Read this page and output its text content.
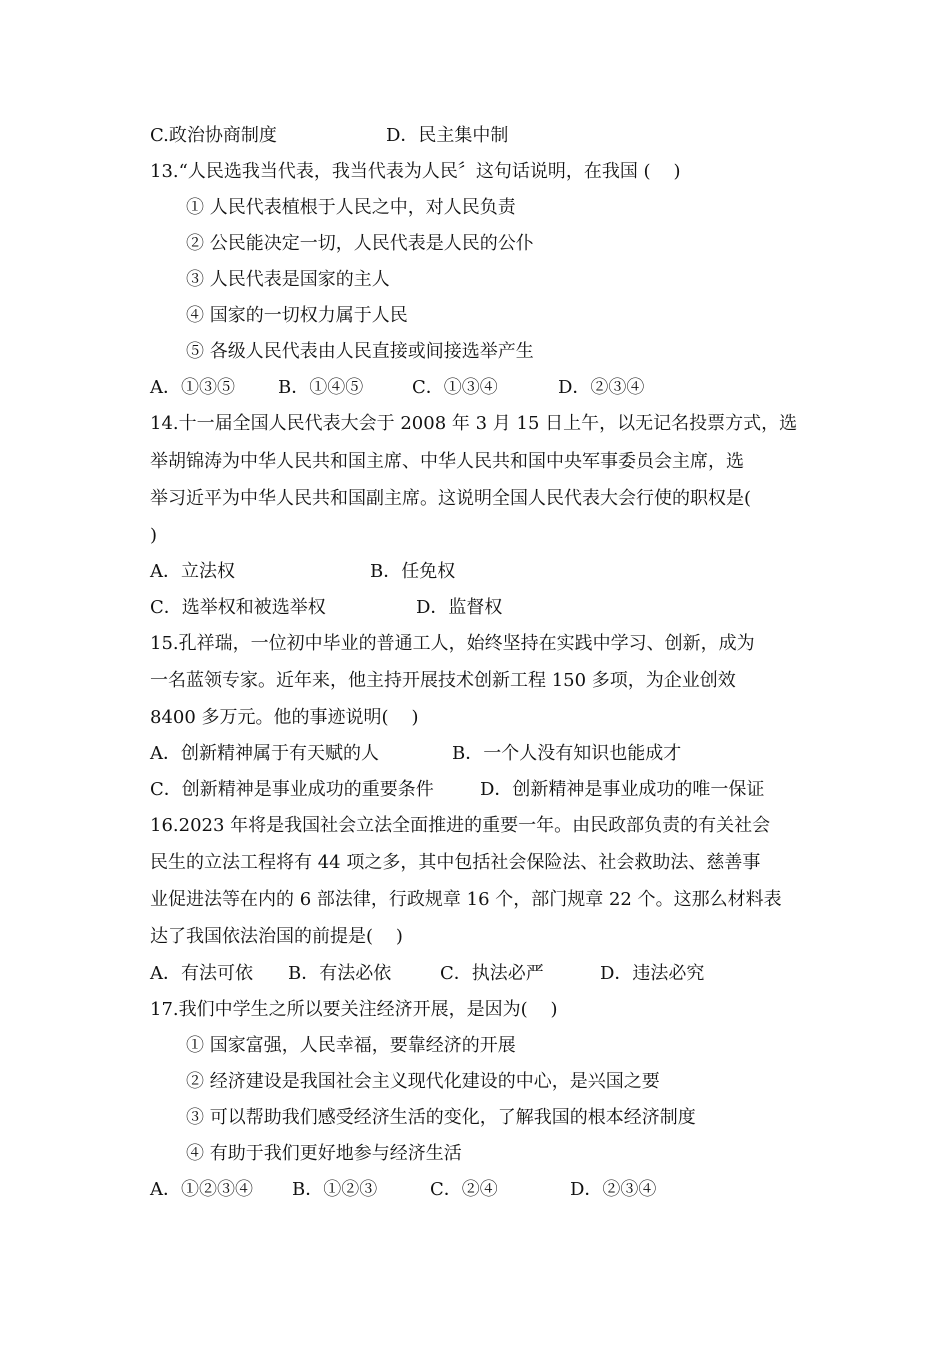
C.政治协商制度

	D．民主集中制

13.“人民选我当代表，我当代表为人民〞这句话说明，在我国 (    )
① 人民代表植根于人民之中，对人民负责
② 公民能决定一切，人民代表是人民的公仆
③ 人民代表是国家的主人
④ 国家的一切权力属于人民
⑤ 各级人民代表由人民直接或间接选举产生

A．①③⑤

B．①④⑤

	C．①③④

	D．②③④

14.十一届全国人民代表大会于 2008 年 3 月 15 日上午，以无记名投票方式，选
举胡锦涛为中华人民共和国主席、中华人民共和国中央军事委员会主席，选
举习近平为中华人民共和国副主席。这说明全国人民代表大会行使的职权是(
)

A．立法权

	B．任免权

C．选举权和被选举权

	D．监督权

15.孔祥瑞，一位初中毕业的普通工人，始终坚持在实践中学习、创新，成为
一名蓝领专家。近年来，他主持开展技术创新工程 150 多项，为企业创效
8400 多万元。他的事迹说明(    )

A．创新精神属于有天赋的人

	B．一个人没有知识也能成才

C．创新精神是事业成功的重要条件

	D．创新精神是事业成功的唯一保证

16.2023 年将是我国社会立法全面推进的重要一年。由民政部负责的有关社会
民生的立法工程将有 44 项之多，其中包括社会保险法、社会救助法、慈善事
业促进法等在内的 6 部法律，行政规章 16 个，部门规章 22 个。这那么材料表
达了我国依法治国的前提是(    )

A．有法可依

B．有法必依

	C．执法必严

	D．违法必究

17.我们中学生之所以要关注经济开展，是因为(    )
① 国家富强，人民幸福，要靠经济的开展
② 经济建设是我国社会主义现代化建设的中心，是兴国之要
③ 可以帮助我们感受经济生活的变化，了解我国的根本经济制度
④ 有助于我们更好地参与经济生活

A．①②③④

B．①②③

	C．②④

	D．②③④
